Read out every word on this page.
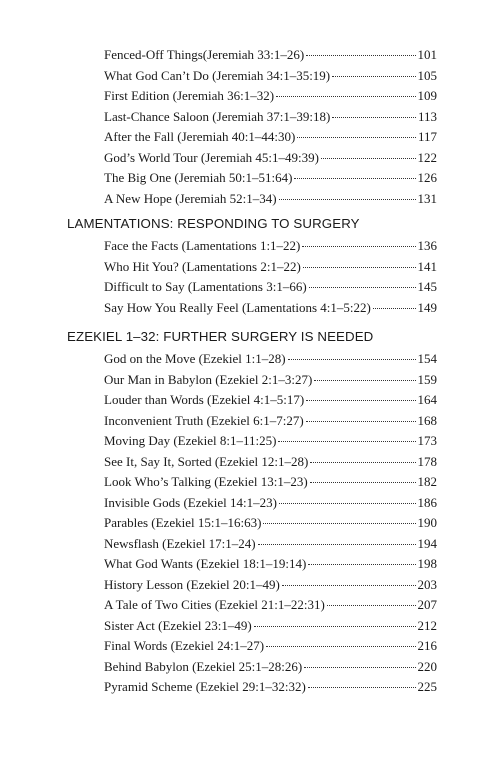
Fenced-Off Things(Jeremiah 33:1–26)	101
What God Can’t Do (Jeremiah 34:1–35:19)	105
First Edition (Jeremiah 36:1–32)	109
Last-Chance Saloon (Jeremiah 37:1–39:18)	113
After the Fall (Jeremiah 40:1–44:30)	117
God’s World Tour (Jeremiah 45:1–49:39)	122
The Big One (Jeremiah 50:1–51:64)	126
A New Hope (Jeremiah 52:1–34)	131
LAMENTATIONS: RESPONDING TO SURGERY
Face the Facts (Lamentations 1:1–22)	136
Who Hit You? (Lamentations 2:1–22)	141
Difficult to Say (Lamentations 3:1–66)	145
Say How You Really Feel (Lamentations 4:1–5:22)	149
EZEKIEL 1–32: FURTHER SURGERY IS NEEDED
God on the Move (Ezekiel 1:1–28)	154
Our Man in Babylon (Ezekiel 2:1–3:27)	159
Louder than Words (Ezekiel 4:1–5:17)	164
Inconvenient Truth (Ezekiel 6:1–7:27)	168
Moving Day (Ezekiel 8:1–11:25)	173
See It, Say It, Sorted (Ezekiel 12:1–28)	178
Look Who’s Talking (Ezekiel 13:1–23)	182
Invisible Gods (Ezekiel 14:1–23)	186
Parables (Ezekiel 15:1–16:63)	190
Newsflash (Ezekiel 17:1–24)	194
What God Wants (Ezekiel 18:1–19:14)	198
History Lesson (Ezekiel 20:1–49)	203
A Tale of Two Cities (Ezekiel 21:1–22:31)	207
Sister Act (Ezekiel 23:1–49)	212
Final Words (Ezekiel 24:1–27)	216
Behind Babylon (Ezekiel 25:1–28:26)	220
Pyramid Scheme (Ezekiel 29:1–32:32)	225
